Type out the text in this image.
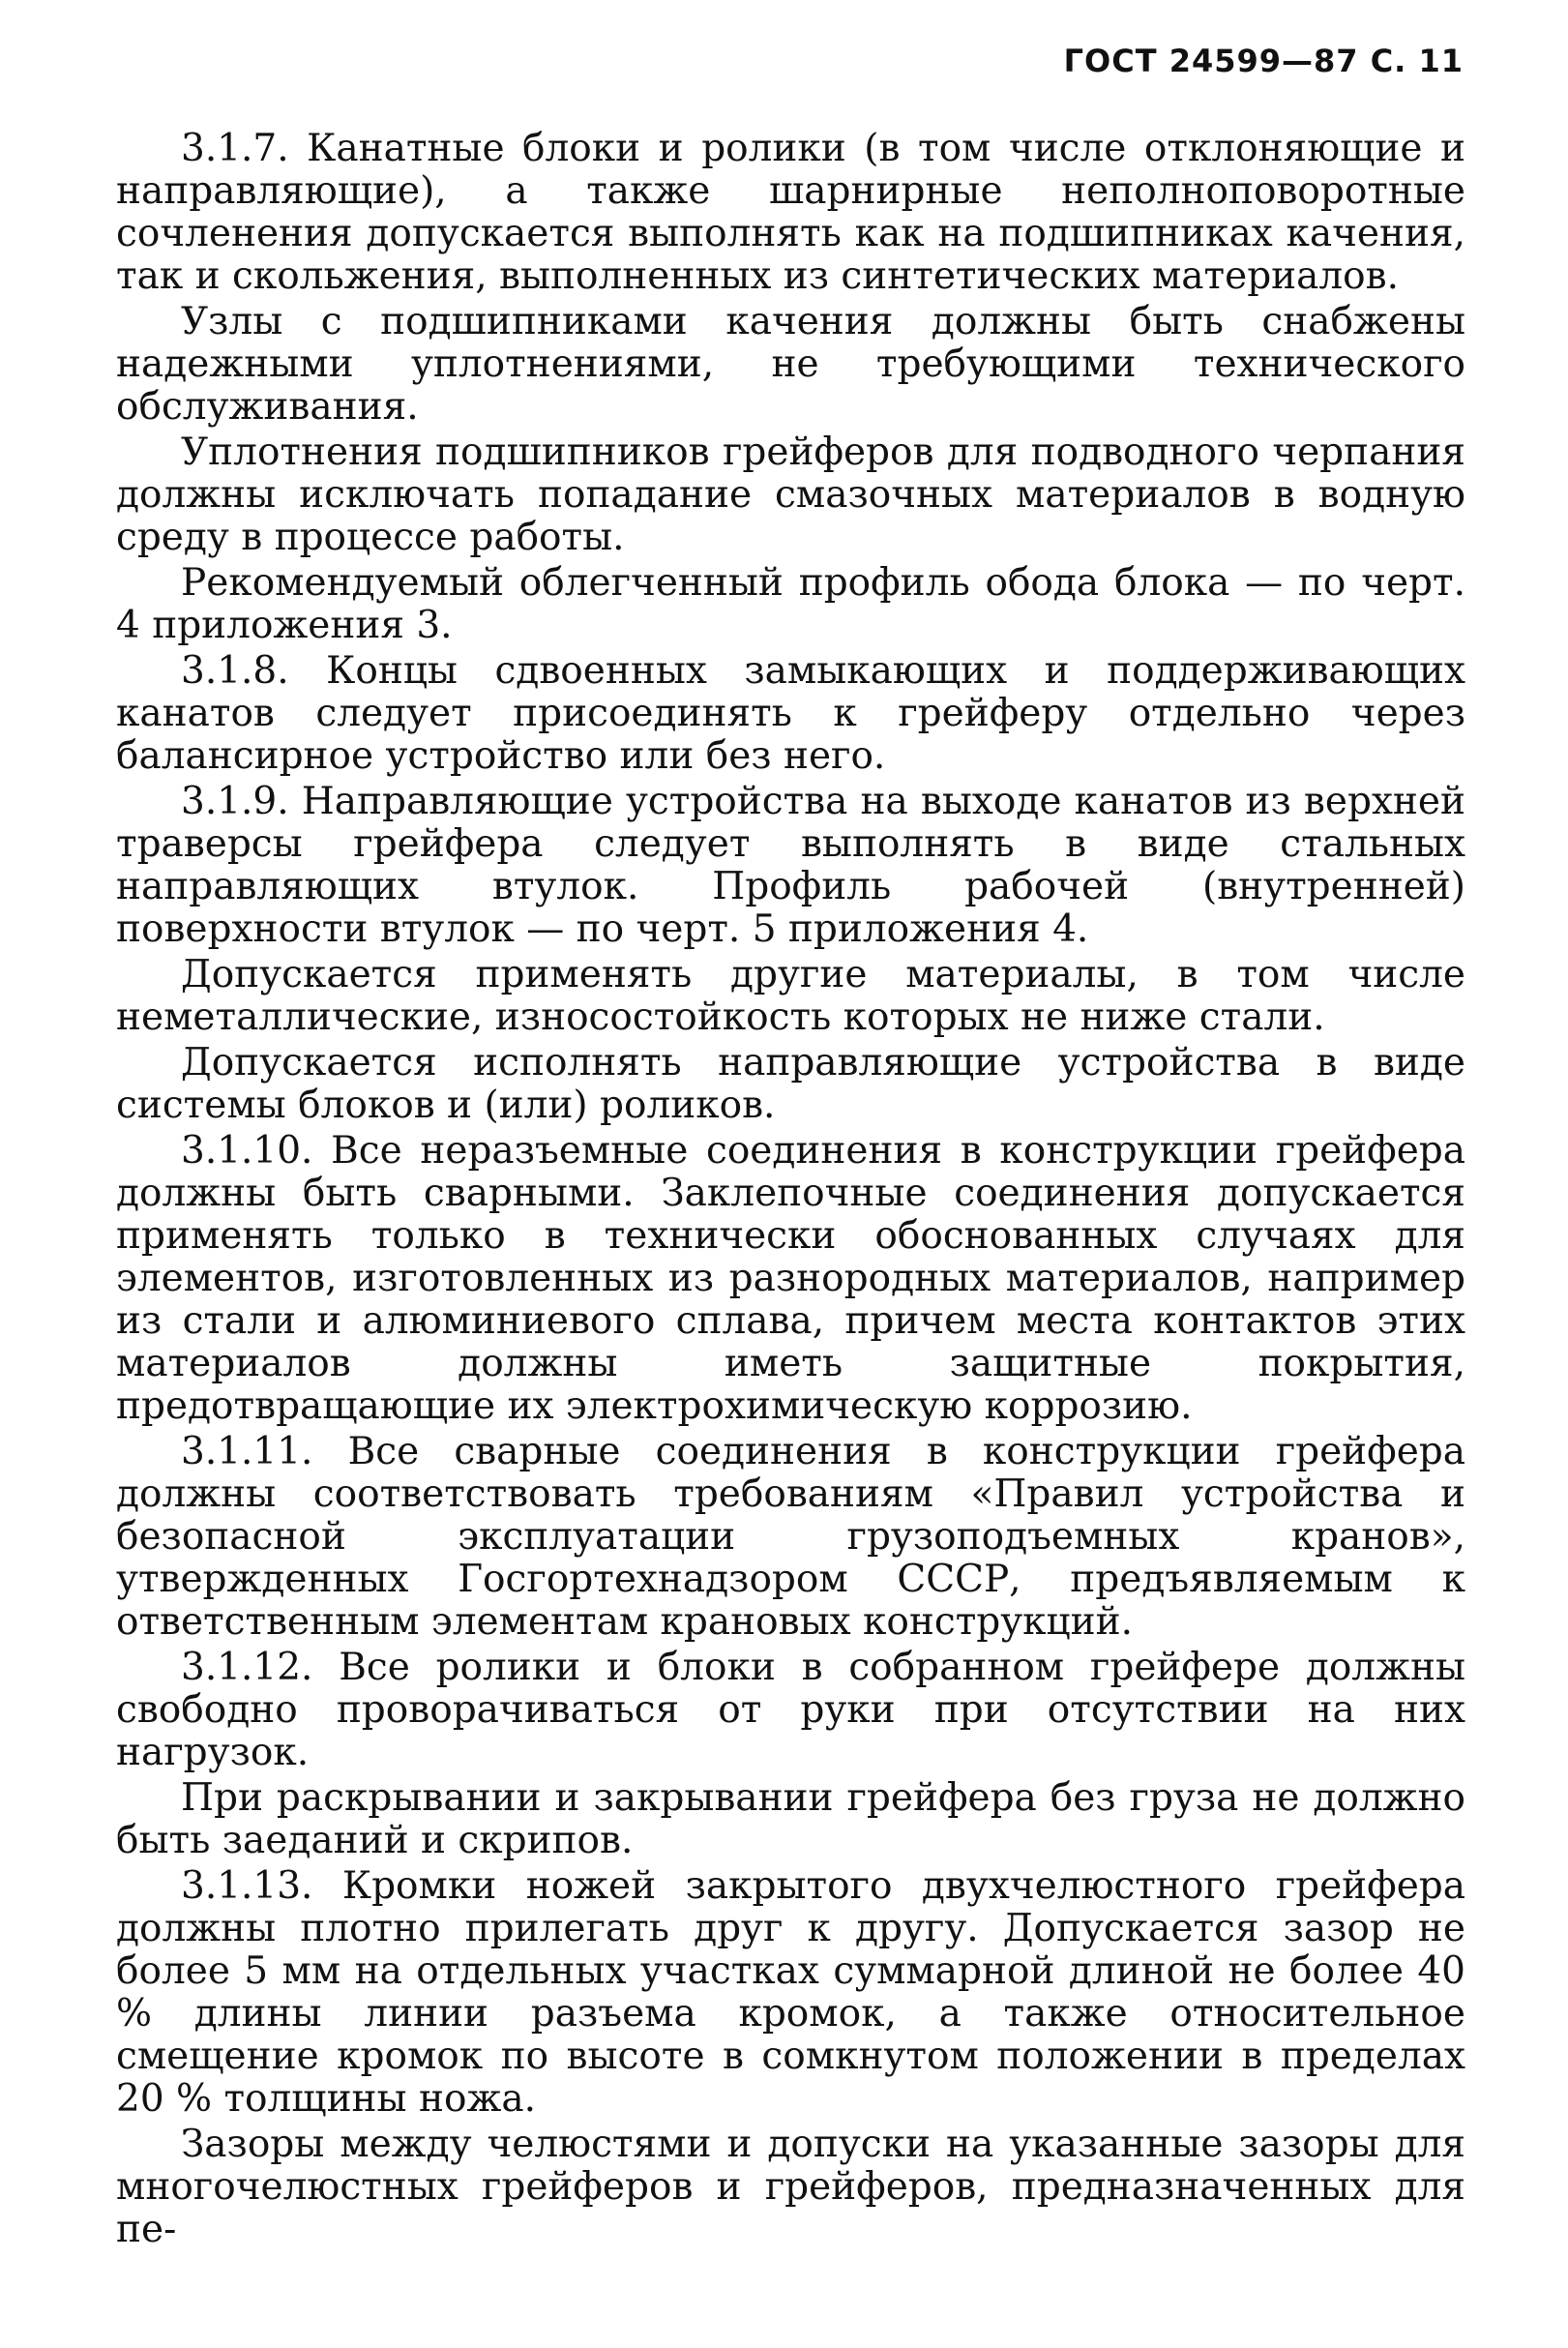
ГОСТ 24599—87 С. 11

3.1.7. Канатные блоки и ролики (в том числе отклоняющие и направляющие), а также шарнирные неполноповоротные сочленения допускается выполнять как на подшипниках качения, так и скольжения, выполненных из синтетических материалов.

Узлы с подшипниками качения должны быть снабжены надежными уплотнениями, не требующими технического обслуживания.

Уплотнения подшипников грейферов для подводного черпания должны исключать попадание смазочных материалов в водную среду в процессе работы.

Рекомендуемый облегченный профиль обода блока — по черт. 4 приложения 3.

3.1.8. Концы сдвоенных замыкающих и поддерживающих канатов следует присоединять к грейферу отдельно через балансирное устройство или без него.

3.1.9. Направляющие устройства на выходе канатов из верхней траверсы грейфера следует выполнять в виде стальных направляющих втулок. Профиль рабочей (внутренней) поверхности втулок — по черт. 5 приложения 4.

Допускается применять другие материалы, в том числе неметаллические, износостойкость которых не ниже стали.

Допускается исполнять направляющие устройства в виде системы блоков и (или) роликов.

3.1.10. Все неразъемные соединения в конструкции грейфера должны быть сварными. Заклепочные соединения допускается применять только в технически обоснованных случаях для элементов, изготовленных из разнородных материалов, например из стали и алюминиевого сплава, причем места контактов этих материалов должны иметь защитные покрытия, предотвращающие их электрохимическую коррозию.

3.1.11. Все сварные соединения в конструкции грейфера должны соответствовать требованиям «Правил устройства и безопасной эксплуатации грузоподъемных кранов», утвержденных Госгортехнадзором СССР, предъявляемым к ответственным элементам крановых конструкций.

3.1.12. Все ролики и блоки в собранном грейфере должны свободно проворачиваться от руки при отсутствии на них нагрузок.

При раскрывании и закрывании грейфера без груза не должно быть заеданий и скрипов.

3.1.13. Кромки ножей закрытого двухчелюстного грейфера должны плотно прилегать друг к другу. Допускается зазор не более 5 мм на отдельных участках суммарной длиной не более 40 % длины линии разъема кромок, а также относительное смещение кромок по высоте в сомкнутом положении в пределах 20 % толщины ножа.

Зазоры между челюстями и допуски на указанные зазоры для многочелюстных грейферов и грейферов, предназначенных для пе-
